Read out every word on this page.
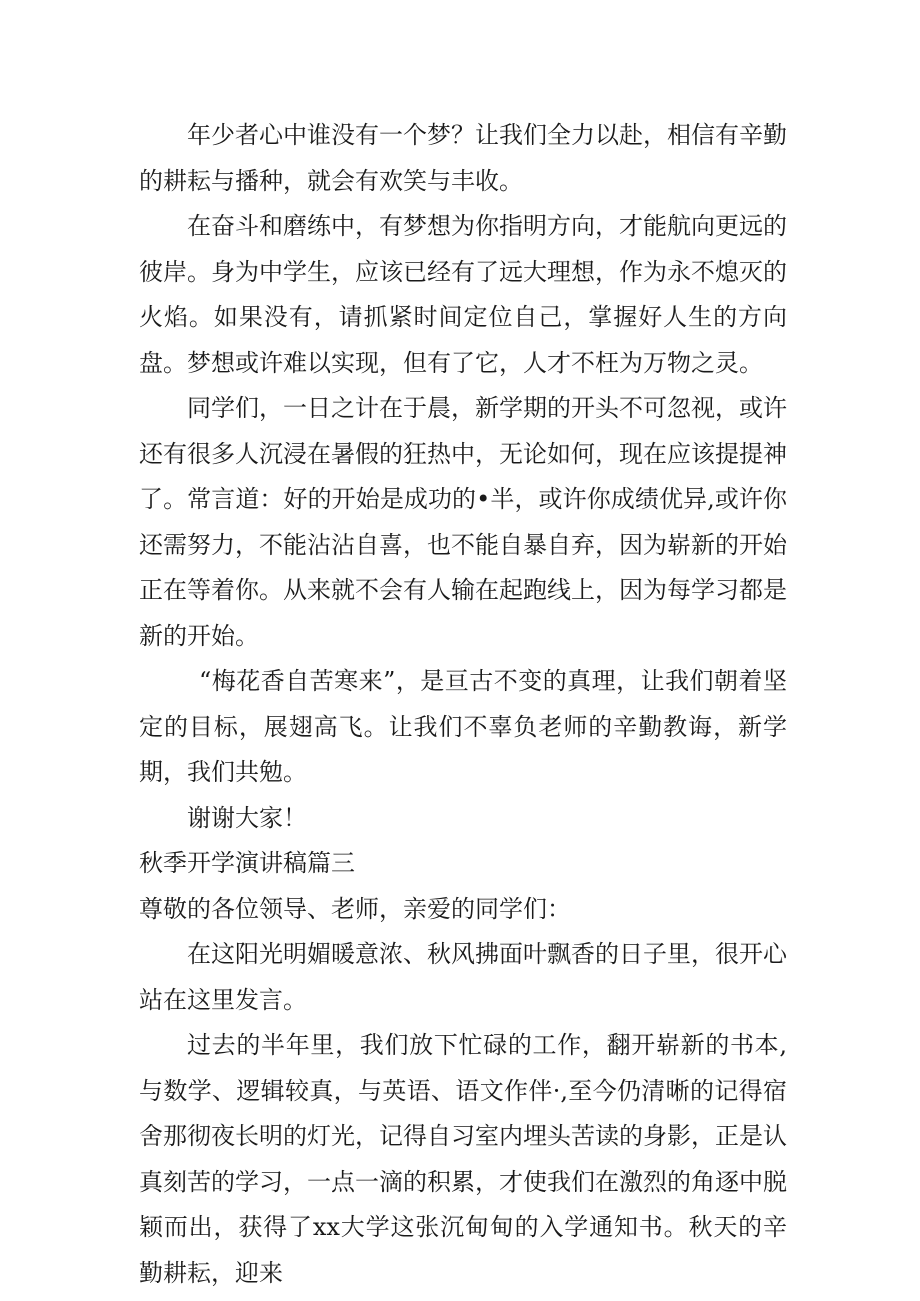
年少者心中谁没有一个梦？让我们全力以赴，相信有辛勤的耕耘与播种，就会有欢笑与丰收。

在奋斗和磨练中，有梦想为你指明方向，才能航向更远的彼岸。身为中学生，应该已经有了远大理想，作为永不熄灭的火焰。如果没有，请抓紧时间定位自己，掌握好人生的方向盘。梦想或许难以实现，但有了它，人才不枉为万物之灵。

同学们，一日之计在于晨，新学期的开头不可忽视，或许还有很多人沉浸在暑假的狂热中，无论如何，现在应该提提神了。常言道：好的开始是成功的•半，或许你成绩优异,或许你还需努力，不能沾沾自喜，也不能自暴自弃，因为崭新的开始正在等着你。从来就不会有人输在起跑线上，因为每学习都是新的开始。

“梅花香自苦寒来”，是亘古不变的真理，让我们朝着坚定的目标，展翅高飞。让我们不辜负老师的辛勤教诲，新学期，我们共勉。

谢谢大家！

秋季开学演讲稿篇三

尊敬的各位领导、老师，亲爱的同学们：

在这阳光明媚暖意浓、秋风拂面叶飘香的日子里，很开心站在这里发言。

过去的半年里，我们放下忙碌的工作，翻开崭新的书本,与数学、逻辑较真，与英语、语文作伴·,至今仍清晰的记得宿舍那彻夜长明的灯光，记得自习室内埋头苦读的身影，正是认真刻苦的学习，一点一滴的积累，才使我们在激烈的角逐中脱颖而出，获得了xx大学这张沉甸甸的入学通知书。秋天的辛勤耕耘，迎来
